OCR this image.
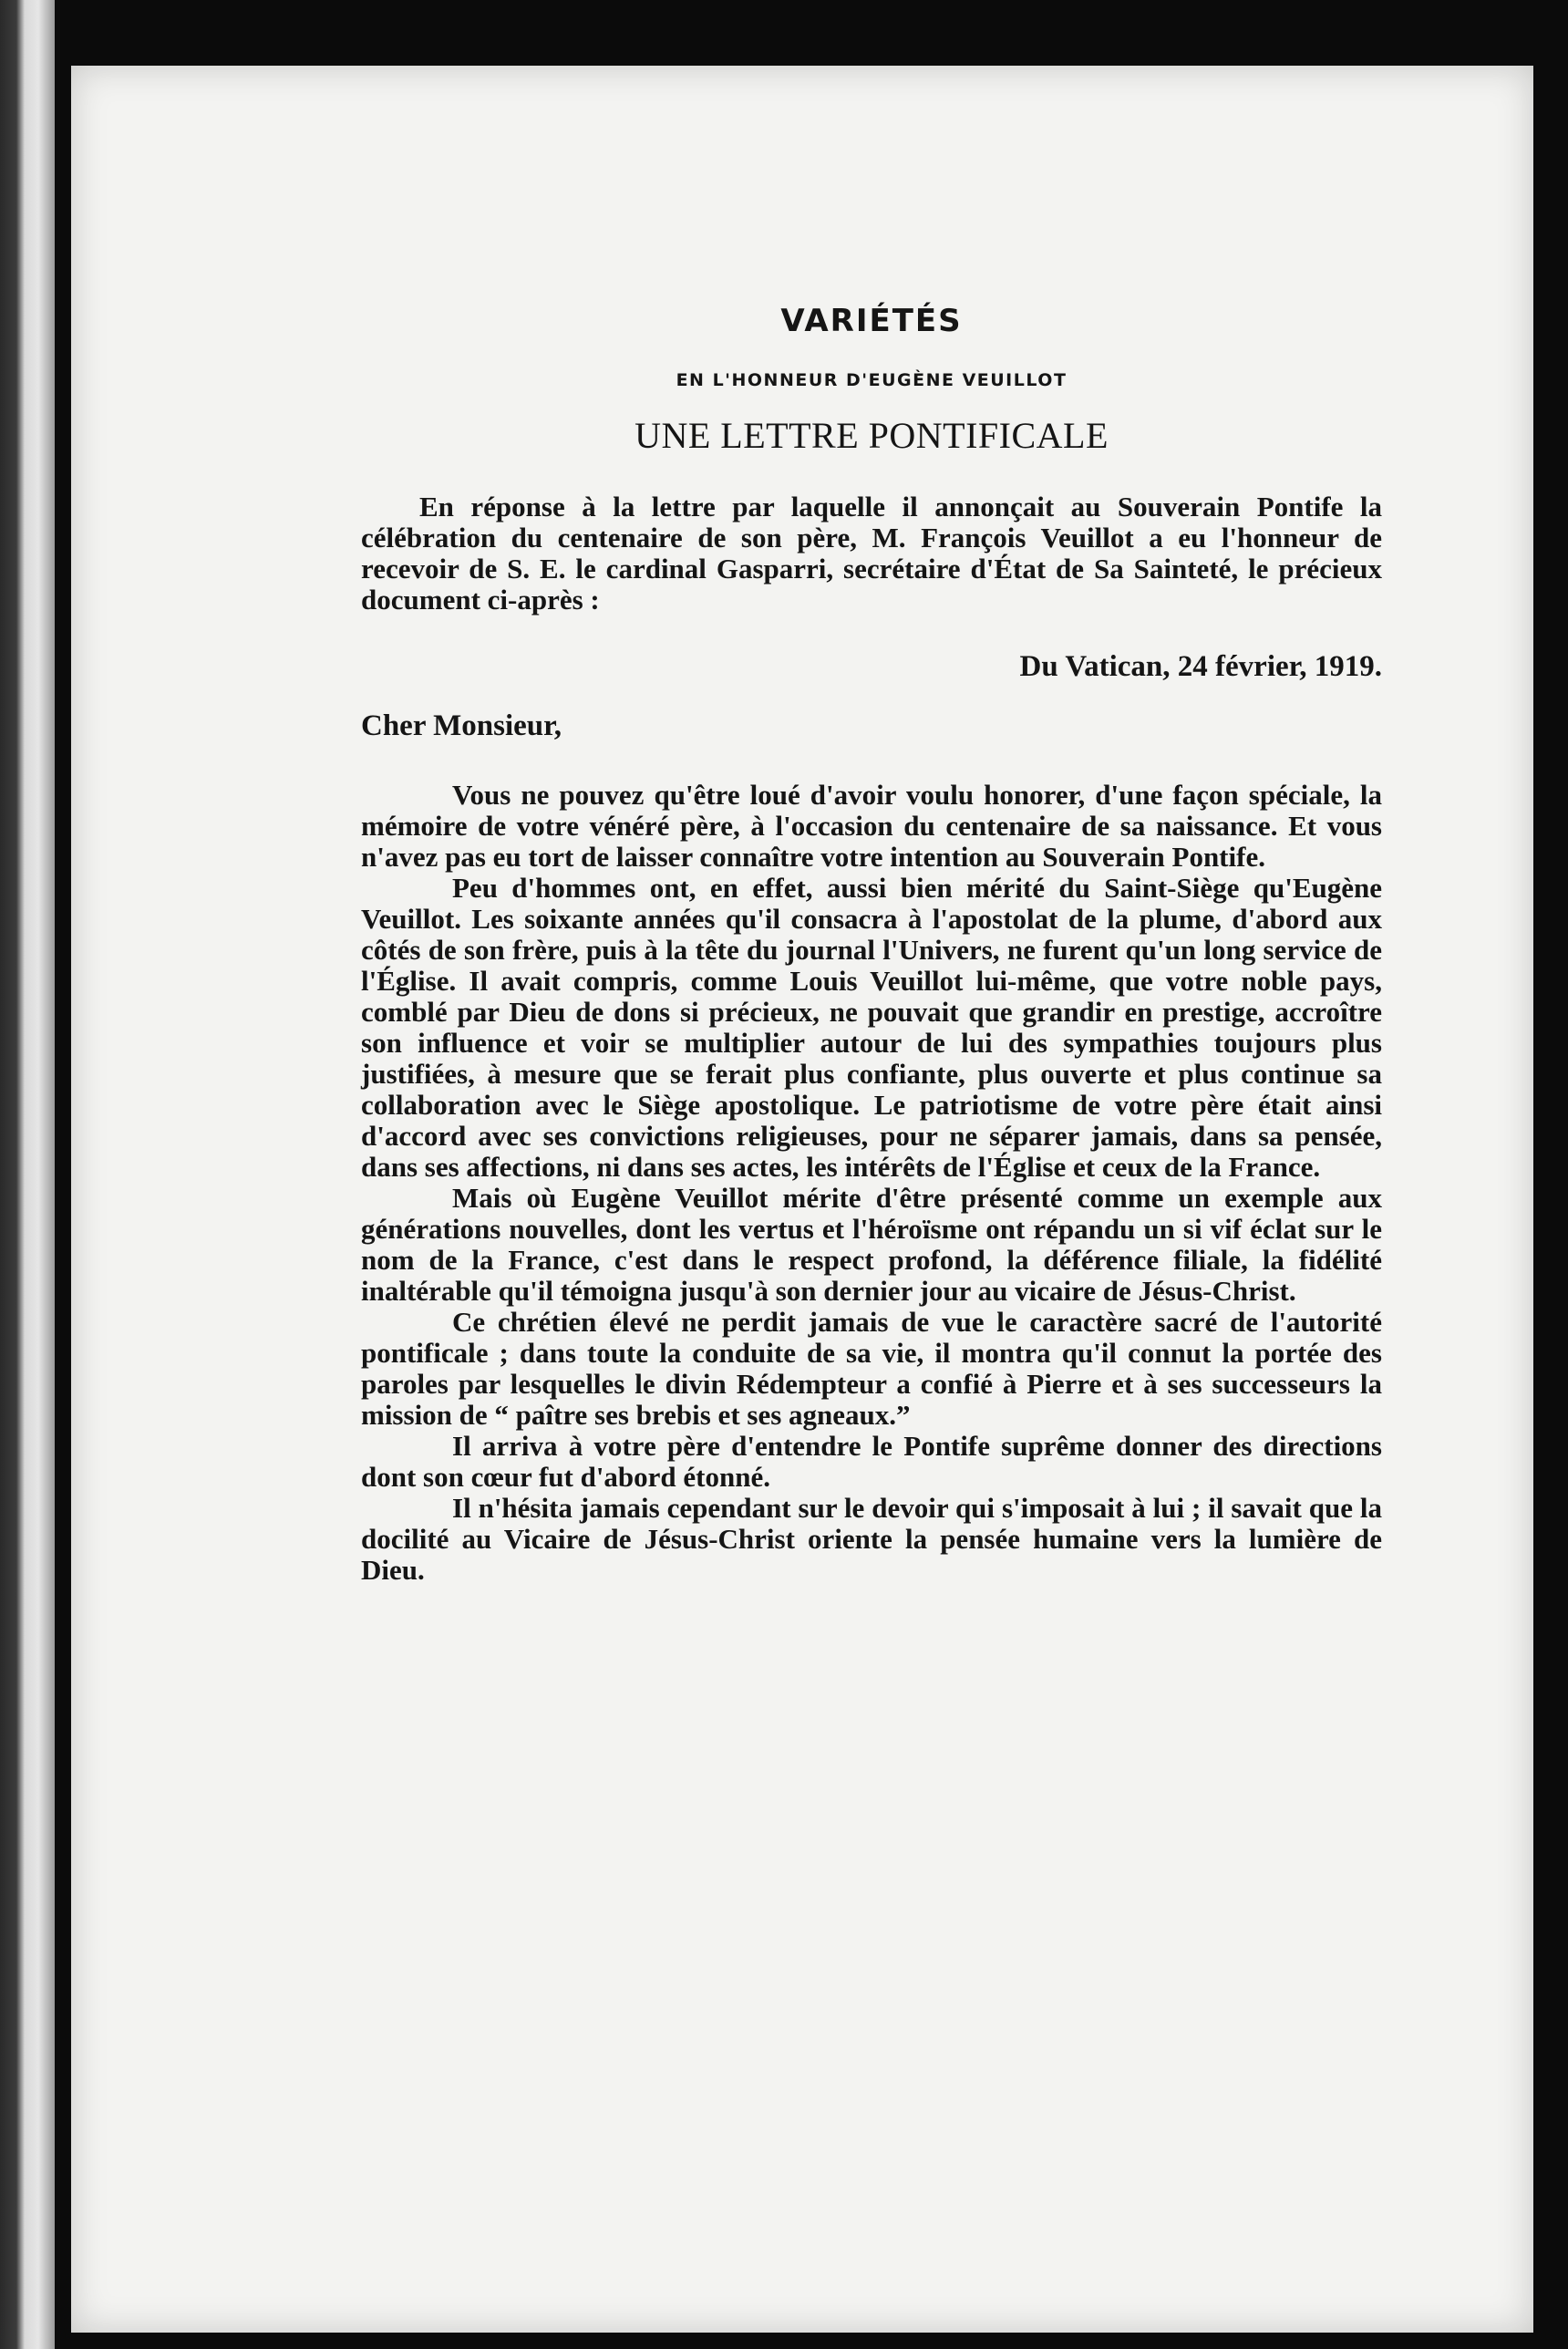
VARIÉTÉS
EN L'HONNEUR D'EUGÈNE VEUILLOT
UNE LETTRE PONTIFICALE

En réponse à la lettre par laquelle il annonçait au Souverain Pontife la célébration du centenaire de son père, M. François Veuillot a eu l'honneur de recevoir de S. E. le cardinal Gasparri, secrétaire d'État de Sa Sainteté, le précieux document ci-après :

Du Vatican, 24 février, 1919.
Cher Monsieur,

Vous ne pouvez qu'être loué d'avoir voulu honorer, d'une façon spéciale, la mémoire de votre vénéré père, à l'occasion du centenaire de sa naissance. Et vous n'avez pas eu tort de laisser connaître votre intention au Souverain Pontife.

Peu d'hommes ont, en effet, aussi bien mérité du Saint-Siège qu'Eugène Veuillot. Les soixante années qu'il consacra à l'apostolat de la plume, d'abord aux côtés de son frère, puis à la tête du journal l'Univers, ne furent qu'un long service de l'Église. Il avait compris, comme Louis Veuillot lui-même, que votre noble pays, comblé par Dieu de dons si précieux, ne pouvait que grandir en prestige, accroître son influence et voir se multiplier autour de lui des sympathies toujours plus justifiées, à mesure que se ferait plus confiante, plus ouverte et plus continue sa collaboration avec le Siège apostolique. Le patriotisme de votre père était ainsi d'accord avec ses convictions religieuses, pour ne séparer jamais, dans sa pensée, dans ses affections, ni dans ses actes, les intérêts de l'Église et ceux de la France.

Mais où Eugène Veuillot mérite d'être présenté comme un exemple aux générations nouvelles, dont les vertus et l'héroïsme ont répandu un si vif éclat sur le nom de la France, c'est dans le respect profond, la déférence filiale, la fidélité inaltérable qu'il témoigna jusqu'à son dernier jour au vicaire de Jésus-Christ.

Ce chrétien élevé ne perdit jamais de vue le caractère sacré de l'autorité pontificale ; dans toute la conduite de sa vie, il montra qu'il connut la portée des paroles par lesquelles le divin Rédempteur a confié à Pierre et à ses successeurs la mission de “ paître ses brebis et ses agneaux.”

Il arriva à votre père d'entendre le Pontife suprême donner des directions dont son cœur fut d'abord étonné.

Il n'hésita jamais cependant sur le devoir qui s'imposait à lui ; il savait que la docilité au Vicaire de Jésus-Christ oriente la pensée humaine vers la lumière de Dieu.
